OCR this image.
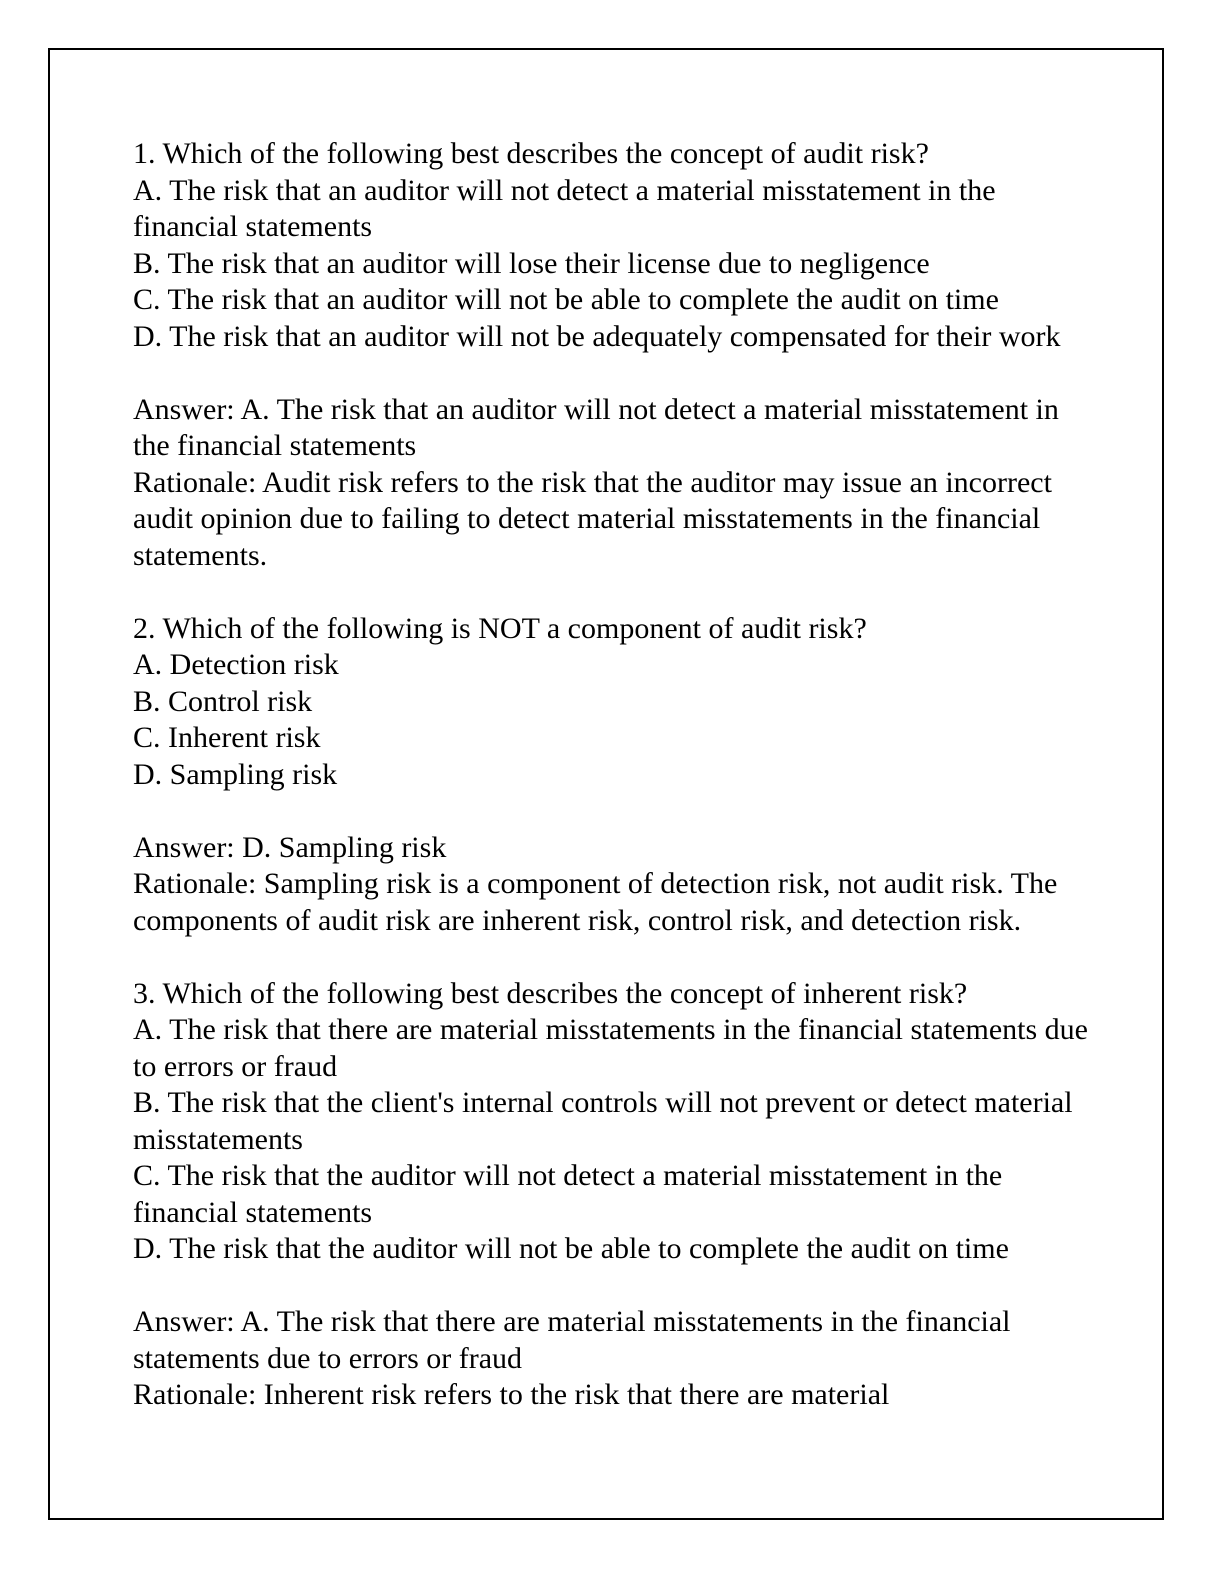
1. Which of the following best describes the concept of audit risk?
A. The risk that an auditor will not detect a material misstatement in the financial statements
B. The risk that an auditor will lose their license due to negligence
C. The risk that an auditor will not be able to complete the audit on time
D. The risk that an auditor will not be adequately compensated for their work
Answer: A. The risk that an auditor will not detect a material misstatement in the financial statements
Rationale: Audit risk refers to the risk that the auditor may issue an incorrect audit opinion due to failing to detect material misstatements in the financial statements.
2. Which of the following is NOT a component of audit risk?
A. Detection risk
B. Control risk
C. Inherent risk
D. Sampling risk
Answer: D. Sampling risk
Rationale: Sampling risk is a component of detection risk, not audit risk. The components of audit risk are inherent risk, control risk, and detection risk.
3. Which of the following best describes the concept of inherent risk?
A. The risk that there are material misstatements in the financial statements due to errors or fraud
B. The risk that the client's internal controls will not prevent or detect material misstatements
C. The risk that the auditor will not detect a material misstatement in the financial statements
D. The risk that the auditor will not be able to complete the audit on time
Answer: A. The risk that there are material misstatements in the financial statements due to errors or fraud
Rationale: Inherent risk refers to the risk that there are material
